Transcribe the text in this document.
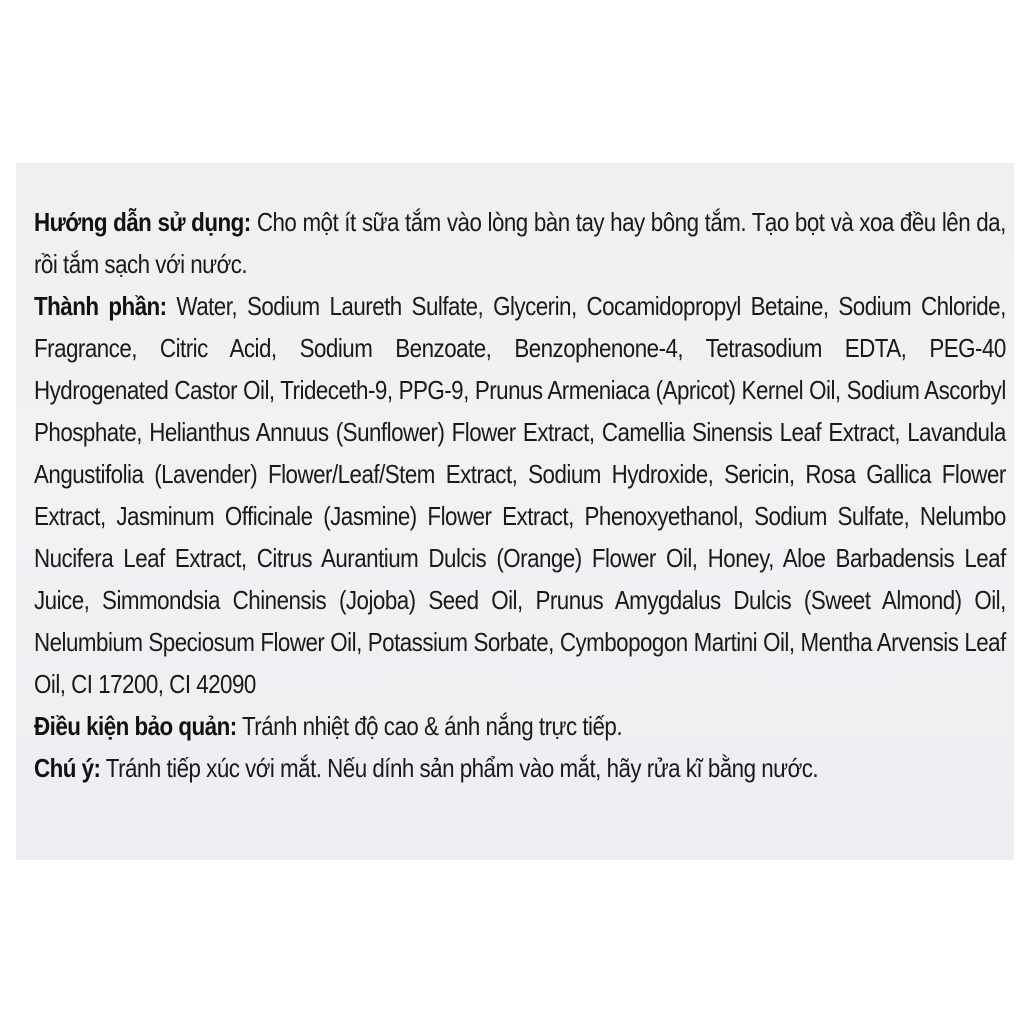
Hướng dẫn sử dụng: Cho một ít sữa tắm vào lòng bàn tay hay bông tắm. Tạo bọt và xoa đều lên da, rồi tắm sạch với nước.

Thành phần: Water, Sodium Laureth Sulfate, Glycerin, Cocamidopropyl Betaine, Sodium Chloride, Fragrance, Citric Acid, Sodium Benzoate, Benzophenone-4, Tetrasodium EDTA, PEG-40 Hydrogenated Castor Oil, Trideceth-9, PPG-9, Prunus Armeniaca (Apricot) Kernel Oil, Sodium Ascorbyl Phosphate, Helianthus Annuus (Sunflower) Flower Extract, Camellia Sinensis Leaf Extract, Lavandula Angustifolia (Lavender) Flower/Leaf/Stem Extract, Sodium Hydroxide, Sericin, Rosa Gallica Flower Extract, Jasminum Officinale (Jasmine) Flower Extract, Phenoxyethanol, Sodium Sulfate, Nelumbo Nucifera Leaf Extract, Citrus Aurantium Dulcis (Orange) Flower Oil, Honey, Aloe Barbadensis Leaf Juice, Simmondsia Chinensis (Jojoba) Seed Oil, Prunus Amygdalus Dulcis (Sweet Almond) Oil, Nelumbium Speciosum Flower Oil, Potassium Sorbate, Cymbopogon Martini Oil, Mentha Arvensis Leaf Oil, CI 17200, CI 42090

Điều kiện bảo quản: Tránh nhiệt độ cao & ánh nắng trực tiếp.

Chú ý: Tránh tiếp xúc với mắt. Nếu dính sản phẩm vào mắt, hãy rửa kĩ bằng nước.
